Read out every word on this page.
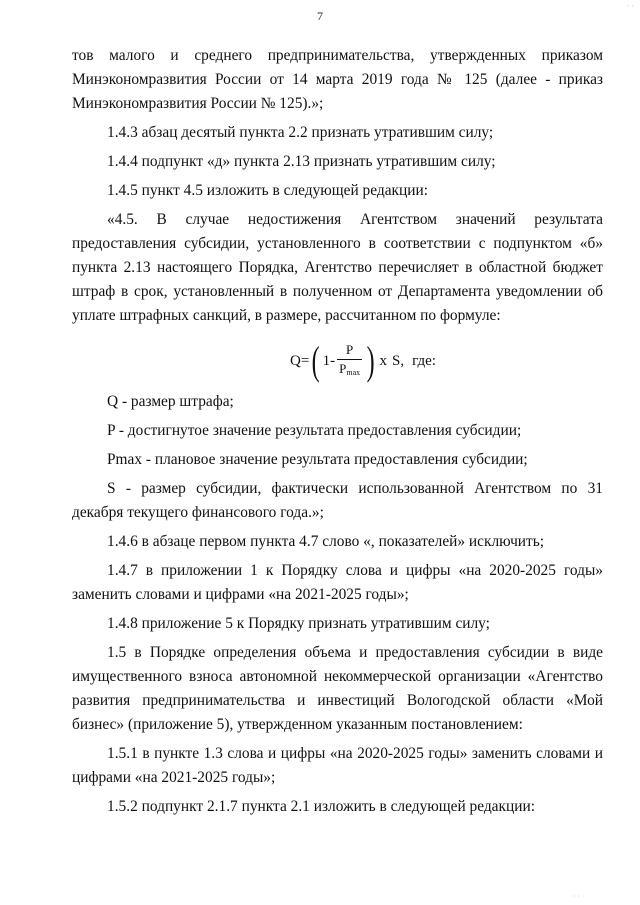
7

тов малого и среднего предпринимательства, утвержденных приказом Минэкономразвития России от 14 марта 2019 года № 125 (далее - приказ Минэкономразвития России № 125).»;

1.4.3 абзац десятый пункта 2.2 признать утратившим силу;

1.4.4 подпункт «д» пункта 2.13 признать утратившим силу;

1.4.5 пункт 4.5 изложить в следующей редакции:

«4.5. В случае недостижения Агентством значений результата предоставления субсидии, установленного в соответствии с подпунктом «б» пункта 2.13 настоящего Порядка, Агентство перечисляет в областной бюджет штраф в срок, установленный в полученном от Департамента уведомлении об уплате штрафных санкций, в размере, рассчитанном по формуле:

Q = ( $1- \frac{P}{P_{max}}$ ) x S, где:

Q - размер штрафа;

P - достигнутое значение результата предоставления субсидии;

Pmax - плановое значение результата предоставления субсидии;

S - размер субсидии, фактически использованной Агентством по 31 декабря текущего финансового года.»;

1.4.6 в абзаце первом пункта 4.7 слово «, показателей» исключить;

1.4.7 в приложении 1 к Порядку слова и цифры «на 2020-2025 годы» заменить словами и цифрами «на 2021-2025 годы»;

1.4.8 приложение 5 к Порядку признать утратившим силу;

1.5 в Порядке определения объема и предоставления субсидии в виде имущественного взноса автономной некоммерческой организации «Агентство развития предпринимательства и инвестиций Вологодской области «Мой бизнес» (приложение 5), утвержденном указанным постановлением:

1.5.1 в пункте 1.3 слова и цифры «на 2020-2025 годы» заменить словами и цифрами «на 2021-2025 годы»;

1.5.2 подпункт 2.1.7 пункта 2.1 изложить в следующей редакции:

· ·
· ·
